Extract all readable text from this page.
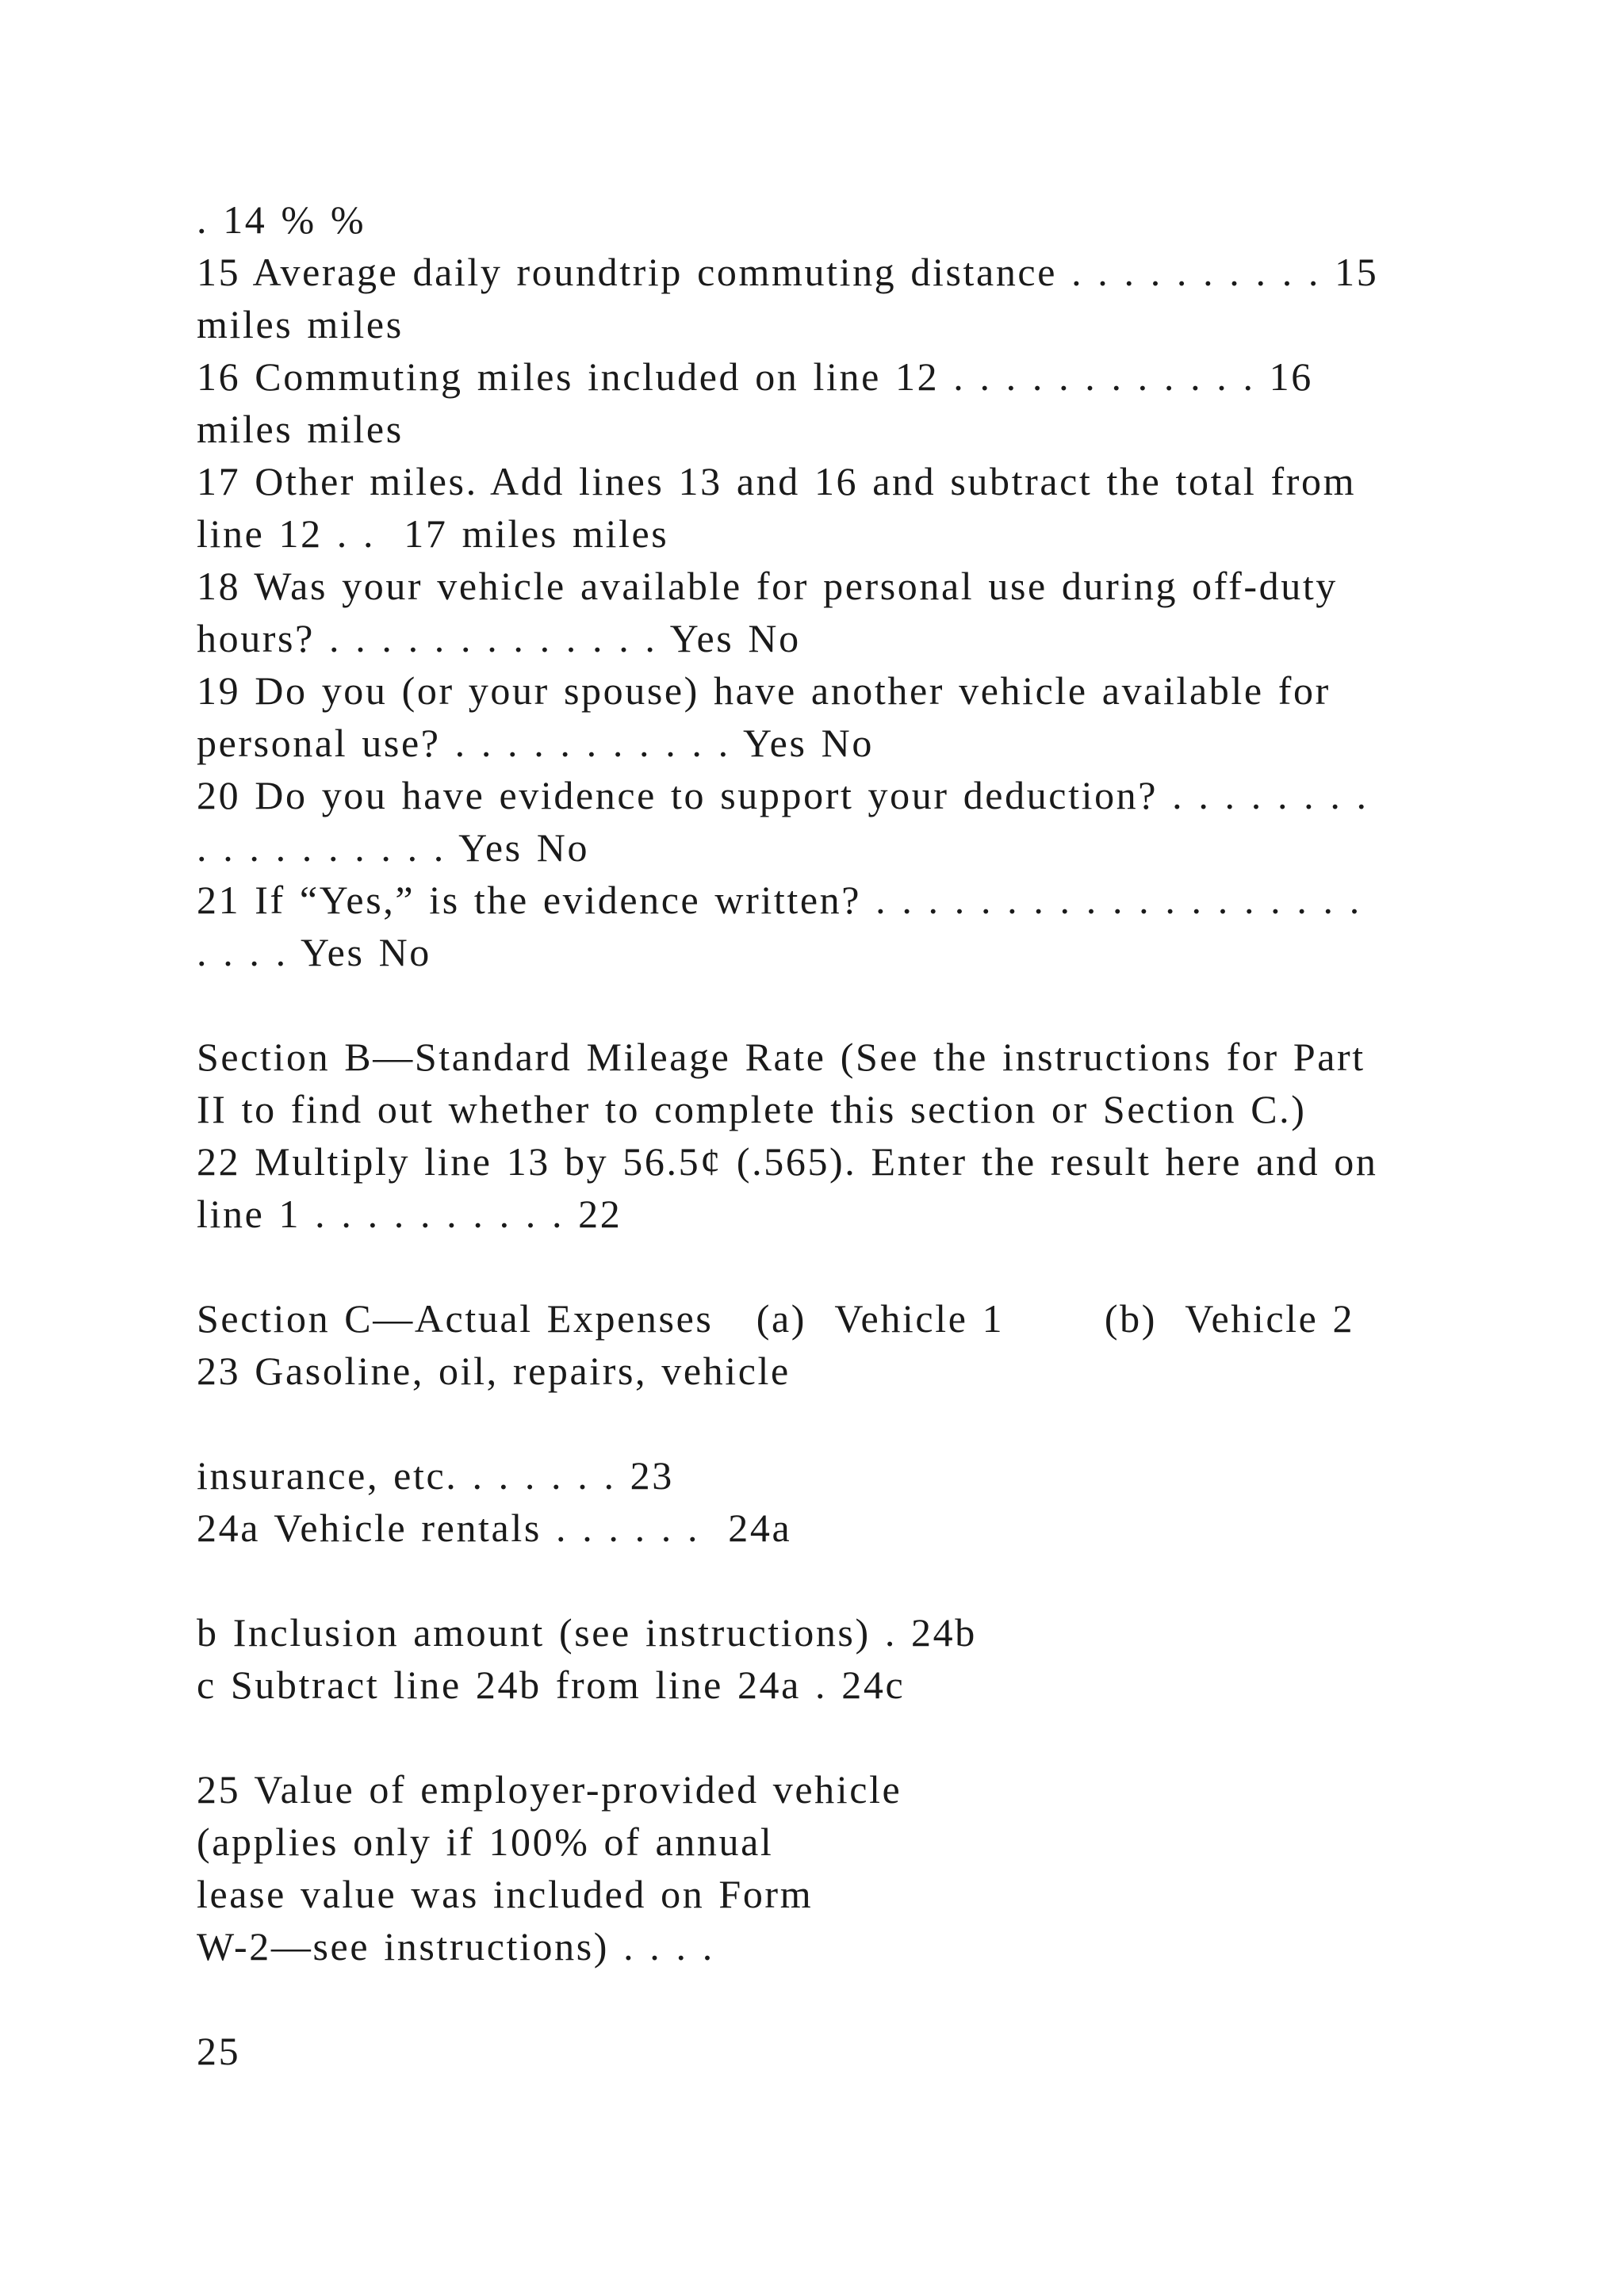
. 14 % %
15 Average daily roundtrip commuting distance . . . . . . . . . . 15
miles miles
16 Commuting miles included on line 12 . . . . . . . . . . . . 16
miles miles
17 Other miles. Add lines 13 and 16 and subtract the total from
line 12 . .  17 miles miles
18 Was your vehicle available for personal use during off-duty
hours? . . . . . . . . . . . . . Yes No
19 Do you (or your spouse) have another vehicle available for
personal use? . . . . . . . . . . . Yes No
20 Do you have evidence to support your deduction? . . . . . . . .
. . . . . . . . . . Yes No
21 If “Yes,” is the evidence written? . . . . . . . . . . . . . . . . . . .
. . . . Yes No
Section B—Standard Mileage Rate (See the instructions for Part
II to find out whether to complete this section or Section C.)
22 Multiply line 13 by 56.5¢ (.565). Enter the result here and on
line 1 . . . . . . . . . . 22
Section C—Actual Expenses (a)  Vehicle 1	(b)  Vehicle 2
23 Gasoline, oil, repairs, vehicle
insurance, etc. . . . . . . 23
24a Vehicle rentals . . . . . .  24a
b Inclusion amount (see instructions) . 24b
c Subtract line 24b from line 24a . 24c
25 Value of employer-provided vehicle
(applies only if 100% of annual
lease value was included on Form
W-2—see instructions) . . . .
25
